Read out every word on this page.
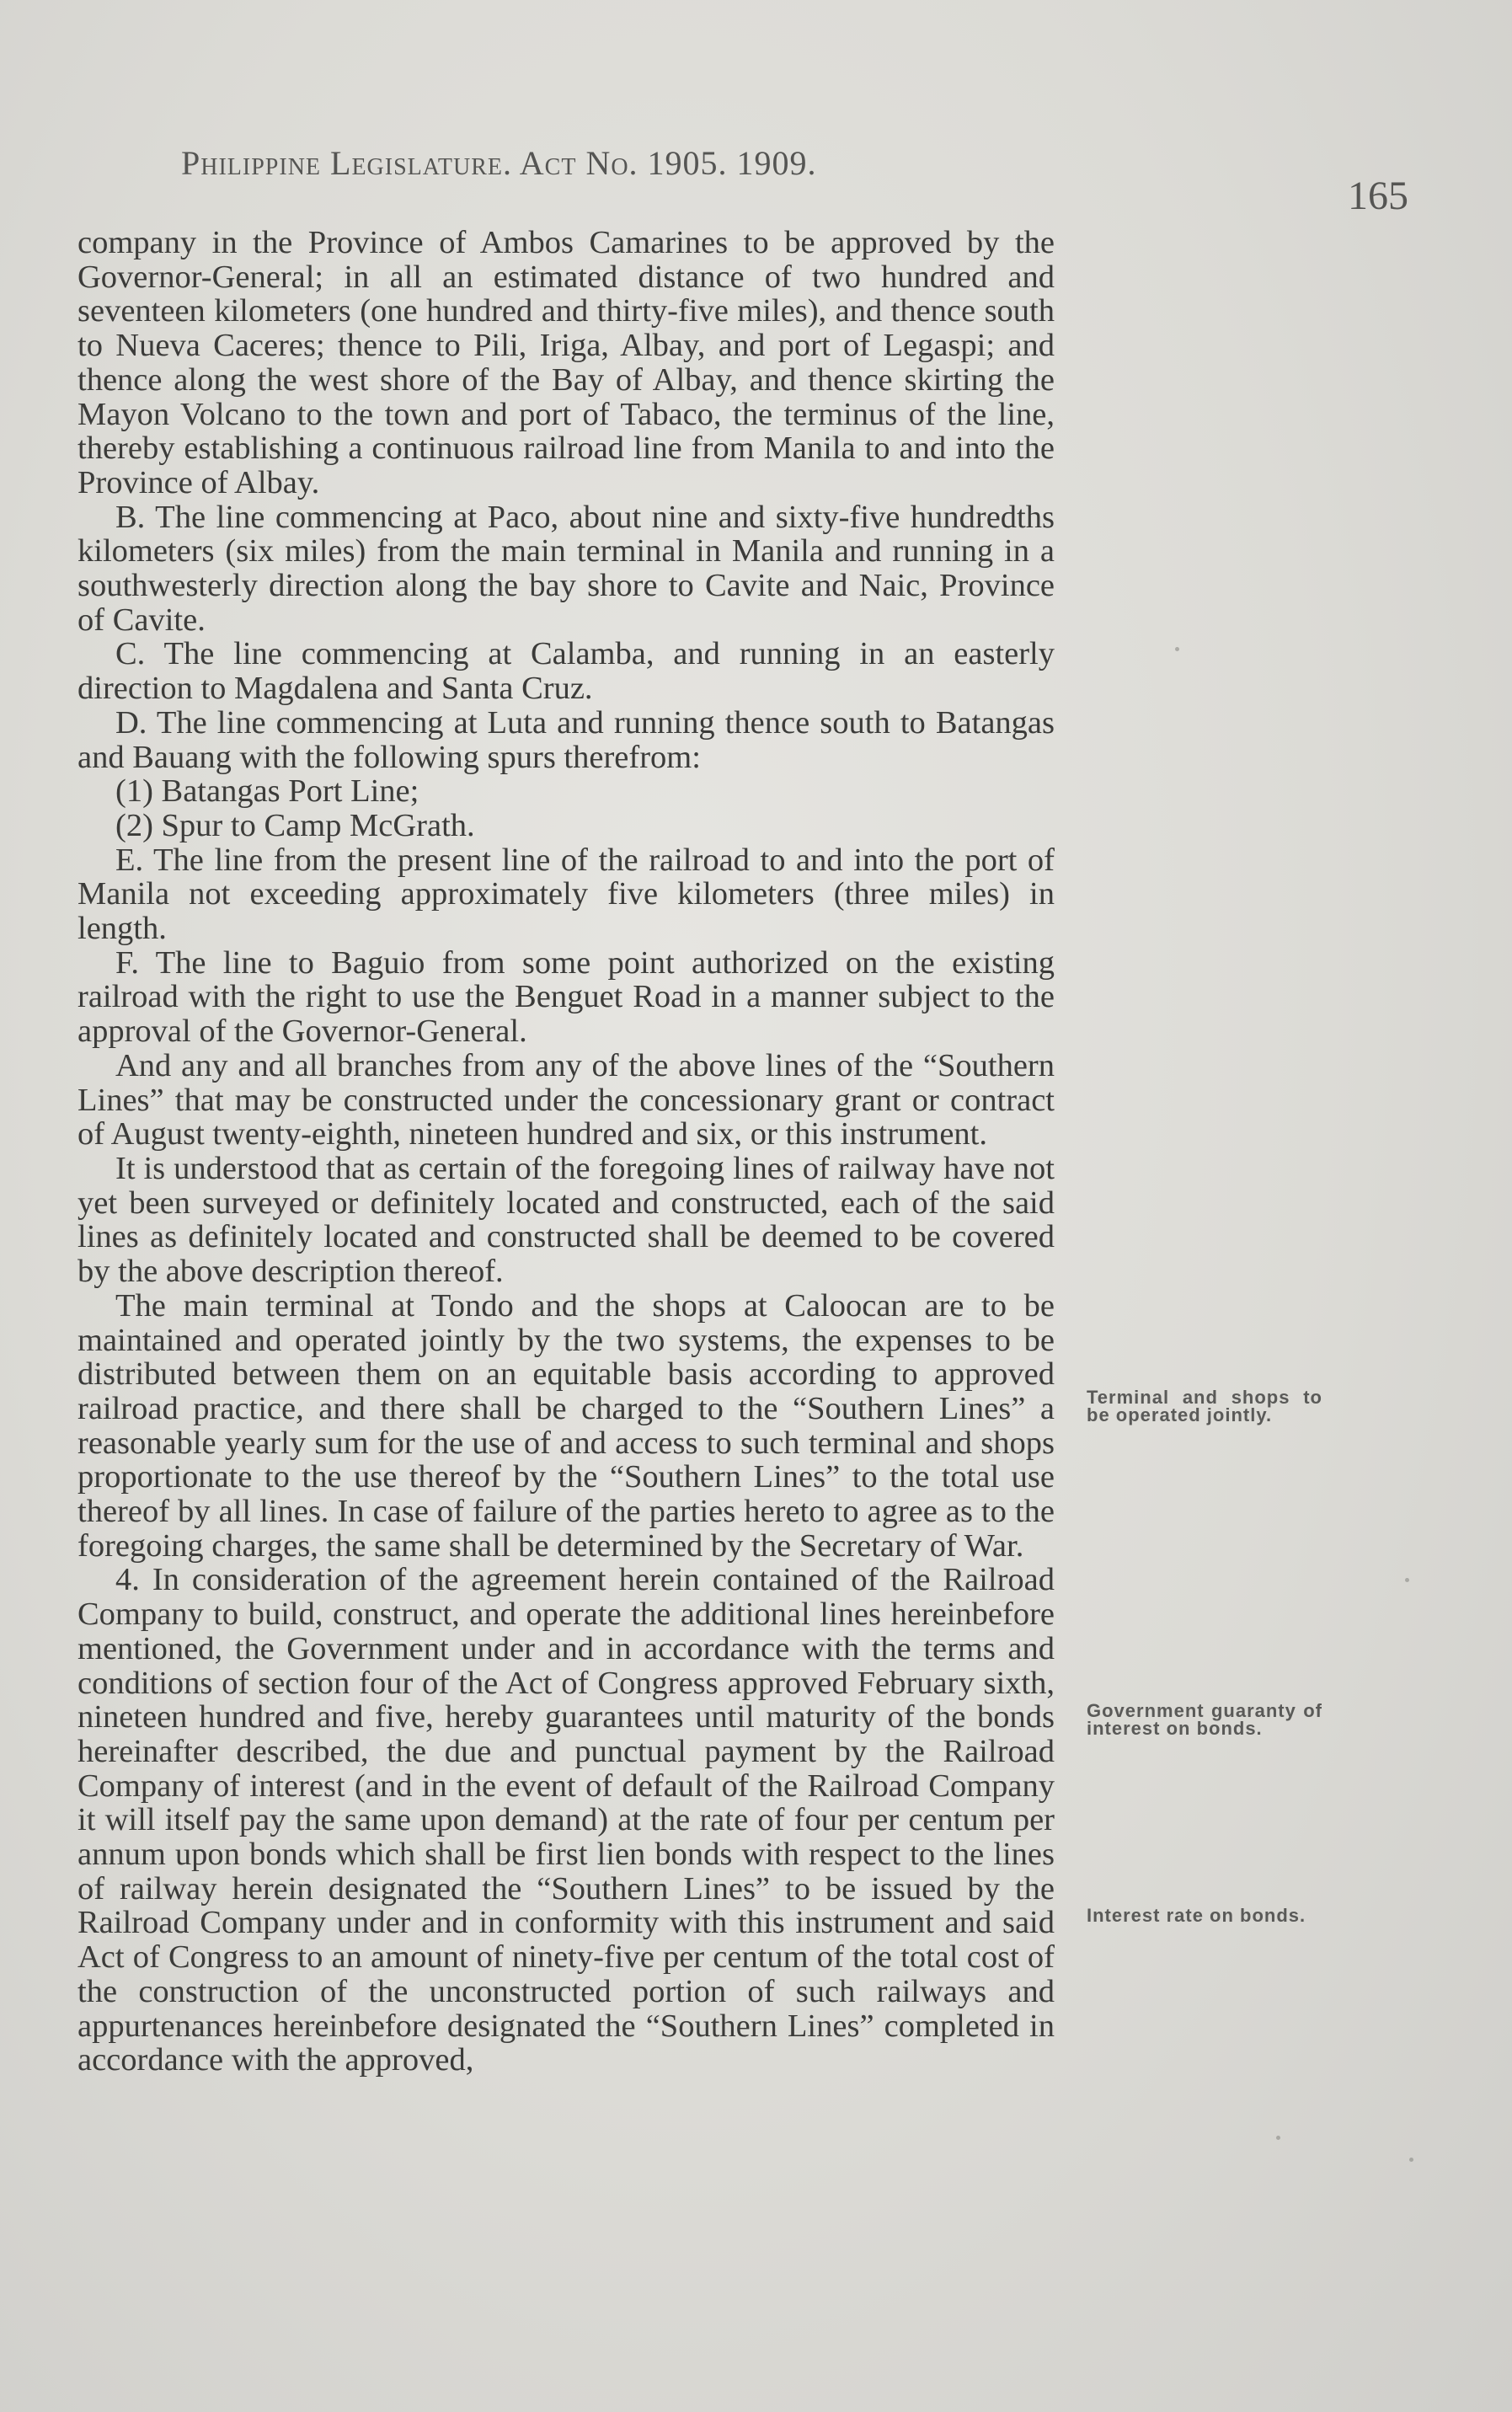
Philippine Legislature. Act No. 1905. 1909.
165

company in the Province of Ambos Camarines to be approved by the Governor-General; in all an estimated distance of two hundred and seventeen kilometers (one hundred and thirty-five miles), and thence south to Nueva Caceres; thence to Pili, Iriga, Albay, and port of Legaspi; and thence along the west shore of the Bay of Albay, and thence skirting the Mayon Volcano to the town and port of Tabaco, the terminus of the line, thereby establishing a continuous railroad line from Manila to and into the Province of Albay.

B. The line commencing at Paco, about nine and sixty-five hundredths kilometers (six miles) from the main terminal in Manila and running in a southwesterly direction along the bay shore to Cavite and Naic, Province of Cavite.

C. The line commencing at Calamba, and running in an easterly direction to Magdalena and Santa Cruz.

D. The line commencing at Luta and running thence south to Batangas and Bauang with the following spurs therefrom:

(1) Batangas Port Line;

(2) Spur to Camp McGrath.

E. The line from the present line of the railroad to and into the port of Manila not exceeding approximately five kilometers (three miles) in length.

F. The line to Baguio from some point authorized on the existing railroad with the right to use the Benguet Road in a manner subject to the approval of the Governor-General.

And any and all branches from any of the above lines of the “Southern Lines” that may be constructed under the concessionary grant or contract of August twenty-eighth, nineteen hundred and six, or this instrument.

It is understood that as certain of the foregoing lines of railway have not yet been surveyed or definitely located and constructed, each of the said lines as definitely located and constructed shall be deemed to be covered by the above description thereof.

The main terminal at Tondo and the shops at Caloocan are to be maintained and operated jointly by the two systems, the expenses to be distributed between them on an equitable basis according to approved railroad practice, and there shall be charged to the “Southern Lines” a reasonable yearly sum for the use of and access to such terminal and shops proportionate to the use thereof by the “Southern Lines” to the total use thereof by all lines. In case of failure of the parties hereto to agree as to the foregoing charges, the same shall be determined by the Secretary of War.

4. In consideration of the agreement herein contained of the Railroad Company to build, construct, and operate the additional lines hereinbefore mentioned, the Government under and in accordance with the terms and conditions of section four of the Act of Congress approved February sixth, nineteen hundred and five, hereby guarantees until maturity of the bonds hereinafter described, the due and punctual payment by the Railroad Company of interest (and in the event of default of the Railroad Company it will itself pay the same upon demand) at the rate of four per centum per annum upon bonds which shall be first lien bonds with respect to the lines of railway herein designated the “Southern Lines” to be issued by the Railroad Company under and in conformity with this instrument and said Act of Congress to an amount of ninety-five per centum of the total cost of the construction of the unconstructed portion of such railways and appurtenances hereinbefore designated the “Southern Lines” completed in accordance with the approved,

Terminal and shops to be operated jointly.
Government guaranty of interest on bonds.
Interest rate on bonds.
